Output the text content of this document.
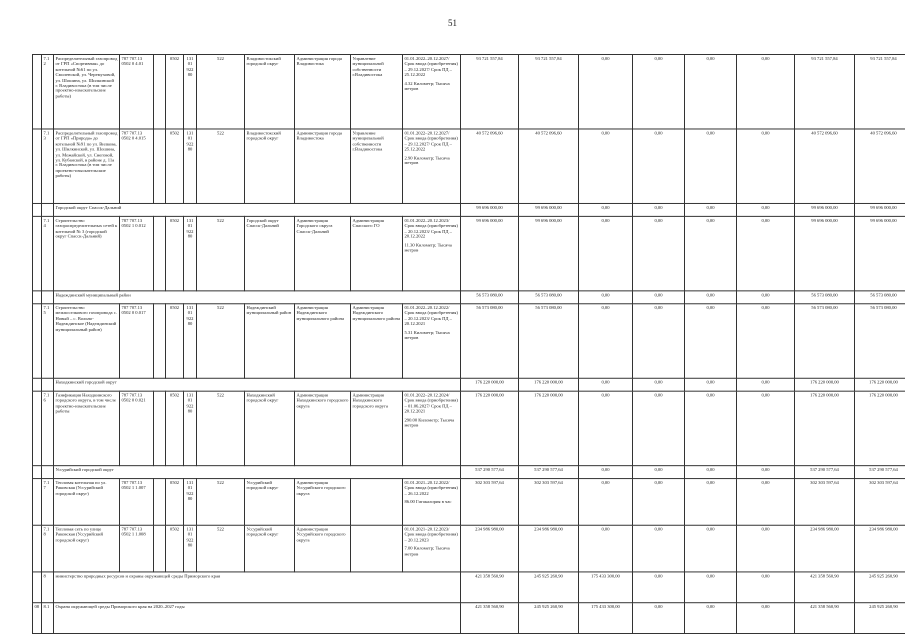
51
	7.1 2	Распределительный газопровод от ГРП «Спортивная» до котельной №61 по ул. Смоленской, ул. Черемуховой, ул. Шошина, ул. Шилкинской г. Владивостока (в том числе проектно-изыскательские работы)	787 707.13 0502 0 4.01		0502	13101 92280	522	Владивостокский городской округ	Администрация города Владивостока	Управление муниципальной собственности г.Владивостока	01.01.2022–20.12.2027/ Срок ввода (приобретения) – 29.12.2027/ Срок ПД – 25.12.2022
4.32 Километр; Тысяча метров	93 721 557,84	93 721 557,84	0,00	0,00	0,00	0,00	93 721 557,84	93 721 557,84	
	7.1 3	Распределительный газопровод от ГРП «Природа» до котельной №91 по ул. Вилкова, ул. Шилкинской, ул. Шошина, ул. Можайской, ул. Снеговой, ул. Кубанской, в районе д. 11а г. Владивостока (в том числе проектно-изыскательские работы)	787 707.13 0502 0 4.015		0502	13101 92280	522	Владивостокский городской округ	Администрация города Владивостока	Управление муниципальной собственности г.Владивостока	01.01.2022–20.12.2027/ Срок ввода (приобретения) – 29.12.2027/ Срок ПД – 25.12.2022
2.90 Километр; Тысяча метров	40 572 096,60	40 572 096,60	0,00	0,00	0,00	0,00	40 572 096,60	40 572 096,60	
		Городской округ Спасск-Дальний										99 696 000,00	99 696 000,00	0,00	0,00	0,00	0,00	99 696 000,00	99 696 000,00	
	7.1 4	Строительство газораспределительных сетей к котельной № 3 (городской округ Спасск-Дальний)	787 707.13 0502 1 0.012		0502	13101 92280	522	Городской округ Спасск-Дальний	Администрация Городского округа Спасск-Дальний	Администрация Спасского ГО	01.01.2022–20.12.2023/ Срок ввода (приобретения) – 20.12.2023/ Срок ПД – 20.12.2022
11.30 Километр; Тысяча метров	99 696 000,00	99 696 000,00	0,00	0,00	0,00	0,00	99 696 000,00	99 696 000,00	
		Надеждинский муниципальный район										56 573 080,00	56 573 080,00	0,00	0,00	0,00	0,00	56 573 080,00	56 573 080,00	
	7.1 5	Строительство межпоселкового газопровода с. Новый – с. Вольно-Надеждинское (Надеждинский муниципальный район)	787 707.13 0502 0 0.017		0502	13101 92280	522	Надеждинский муниципальный район	Администрация Надеждинского муниципального района	Администрация Надеждинского муниципального района	01.01.2022–20.12.2022/ Срок ввода (приобретения) – 20.12.2023/ Срок ПД – 20.12.2021
5.31 Километр; Тысяча метров	56 573 080,00	56 573 080,00	0,00	0,00	0,00	0,00	56 573 080,00	56 573 080,00	
		Находкинский городской округ										176 220 000,00	176 220 000,00	0,00	0,00	0,00	0,00	176 220 000,00	176 220 000,00	
	7.1 6	Газификация Находкинского городского округа, в том числе проектно-изыскательские работы	787 707.13 0502 0 0.021		0502	13101 92280	522	Находкинский городской округ	Администрация Находкинского городского округа	Администрация Находкинского городского округа	01.01.2022–20.12.2024/ Срок ввода (приобретения) – 01.06.2027/ Срок ПД – 20.12.2021
290.00 Километр; Тысяча метров	176 220 000,00	176 220 000,00	0,00	0,00	0,00	0,00	176 220 000,00	176 220 000,00	
		Уссурийский городской округ										537 290 577,64	537 290 577,64	0,00	0,00	0,00	0,00	537 290 577,64	537 290 577,64	
	7.1 7	Тепловая котельная по ул. Раковская (Уссурийский городской округ)	787 707.13 0502 1 1.007		0502	13101 92280	522	Уссурийский городской округ	Администрация Уссурийского городского округа		01.01.2021–20.12.2022/ Срок ввода (приобретения) – 26.12.2022
86.00 Гигакалория в час	302 303 597,64	302 303 597,64	0,00	0,00	0,00	0,00	302 303 597,64	302 303 597,64	
	7.1 8	Тепловая сеть по улице Раковская (Уссурийский городской округ)	787 707.13 0502 1 1.008		0502	13101 92280	522	Уссурийский городской округ	Администрация Уссурийского городского округа		01.01.2021–20.12.2023/ Срок ввода (приобретения) – 20.12.2023
7.00 Километр; Тысяча метров	234 986 980,00	234 986 980,00	0,00	0,00	0,00	0,00	234 986 980,00	234 986 980,00	
	8	министерство природных ресурсов и охраны окружающей среды Приморского края										421 358 560,90	245 925 260,90	175 433 300,00	0,00	0,00	0,00	421 358 560,90	245 925 260,90	
08	8.1	Охрана окружающей среды Приморского края на 2020–2027 годы										421 358 560,90	245 925 260,90	175 433 300,00	0,00	0,00	0,00	421 358 560,90	245 925 260,90	
